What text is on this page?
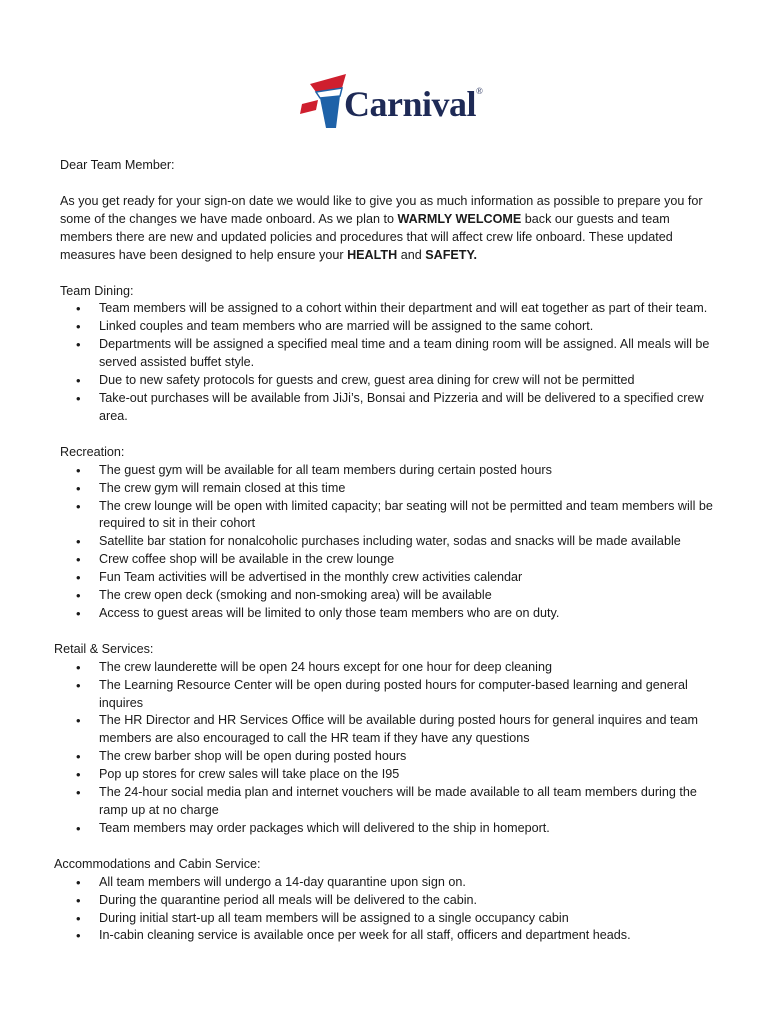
Carnival®

Dear Team Member:

As you get ready for your sign-on date we would like to give you as much information as possible to prepare you for some of the changes we have made onboard. As we plan to WARMLY WELCOME back our guests and team members there are new and updated policies and procedures that will affect crew life onboard. These updated measures have been designed to help ensure your HEALTH and SAFETY.

Team Dining:

• Team members will be assigned to a cohort within their department and will eat together as part of their team.
• Linked couples and team members who are married will be assigned to the same cohort.
• Departments will be assigned a specified meal time and a team dining room will be assigned. All meals will be served assisted buffet style.
• Due to new safety protocols for guests and crew, guest area dining for crew will not be permitted
• Take-out purchases will be available from JiJi’s, Bonsai and Pizzeria and will be delivered to a specified crew area.

Recreation:

• The guest gym will be available for all team members during certain posted hours
• The crew gym will remain closed at this time
• The crew lounge will be open with limited capacity; bar seating will not be permitted and team members will be required to sit in their cohort
• Satellite bar station for nonalcoholic purchases including water, sodas and snacks will be made available
• Crew coffee shop will be available in the crew lounge
• Fun Team activities will be advertised in the monthly crew activities calendar
• The crew open deck (smoking and non-smoking area) will be available
• Access to guest areas will be limited to only those team members who are on duty.

Retail & Services:

• The crew launderette will be open 24 hours except for one hour for deep cleaning
• The Learning Resource Center will be open during posted hours for computer-based learning and general inquires
• The HR Director and HR Services Office will be available during posted hours for general inquires and team members are also encouraged to call the HR team if they have any questions
• The crew barber shop will be open during posted hours
• Pop up stores for crew sales will take place on the I95
• The 24-hour social media plan and internet vouchers will be made available to all team members during the ramp up at no charge
• Team members may order packages which will delivered to the ship in homeport.

Accommodations and Cabin Service:

• All team members will undergo a 14-day quarantine upon sign on.
• During the quarantine period all meals will be delivered to the cabin.
• During initial start-up all team members will be assigned to a single occupancy cabin
• In-cabin cleaning service is available once per week for all staff, officers and department heads.
